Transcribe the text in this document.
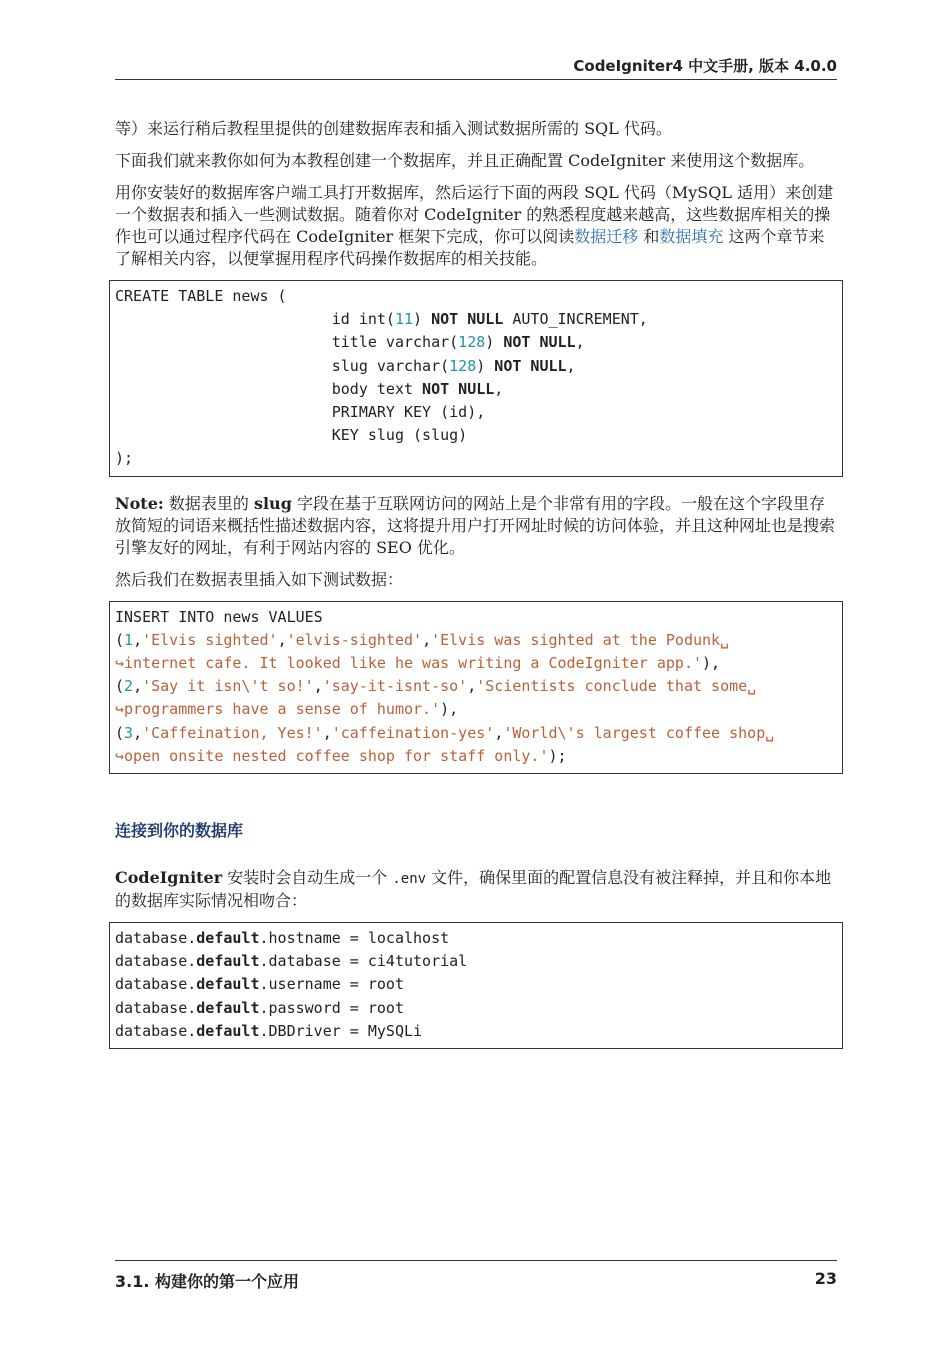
CodeIgniter4 中文手册, 版本 4.0.0

等）来运行稍后教程里提供的创建数据库表和插入测试数据所需的 SQL 代码。

下面我们就来教你如何为本教程创建一个数据库，并且正确配置 CodeIgniter 来使用这个数据库。

用你安装好的数据库客户端工具打开数据库，然后运行下面的两段 SQL 代码（MySQL 适用）来创建一个数据表和插入一些测试数据。随着你对 CodeIgniter 的熟悉程度越来越高，这些数据库相关的操作也可以通过程序代码在 CodeIgniter 框架下完成，你可以阅读数据迁移 和数据填充 这两个章节来了解相关内容，以便掌握用程序代码操作数据库的相关技能。

CREATE TABLE news (
id int(11) NOT NULL AUTO_INCREMENT,
title varchar(128) NOT NULL,
slug varchar(128) NOT NULL,
body text NOT NULL,
PRIMARY KEY (id),
KEY slug (slug)
);

Note: 数据表里的 slug 字段在基于互联网访问的网站上是个非常有用的字段。一般在这个字段里存放简短的词语来概括性描述数据内容，这将提升用户打开网址时候的访问体验，并且这种网址也是搜索引擎友好的网址，有利于网站内容的 SEO 优化。

然后我们在数据表里插入如下测试数据：

INSERT INTO news VALUES
(1,'Elvis sighted','elvis-sighted','Elvis was sighted at the Podunk␣
↪internet cafe. It looked like he was writing a CodeIgniter app.'),
(2,'Say it isn\'t so!','say-it-isnt-so','Scientists conclude that some␣
↪programmers have a sense of humor.'),
(3,'Caffeination, Yes!','caffeination-yes','World\'s largest coffee shop␣
↪open onsite nested coffee shop for staff only.');
连接到你的数据库

CodeIgniter 安装时会自动生成一个 .env 文件，确保里面的配置信息没有被注释掉，并且和你本地的数据库实际情况相吻合：

database.default.hostname = localhost
database.default.database = ci4tutorial
database.default.username = root
database.default.password = root
database.default.DBDriver = MySQLi
3.1. 构建你的第一个应用	23
